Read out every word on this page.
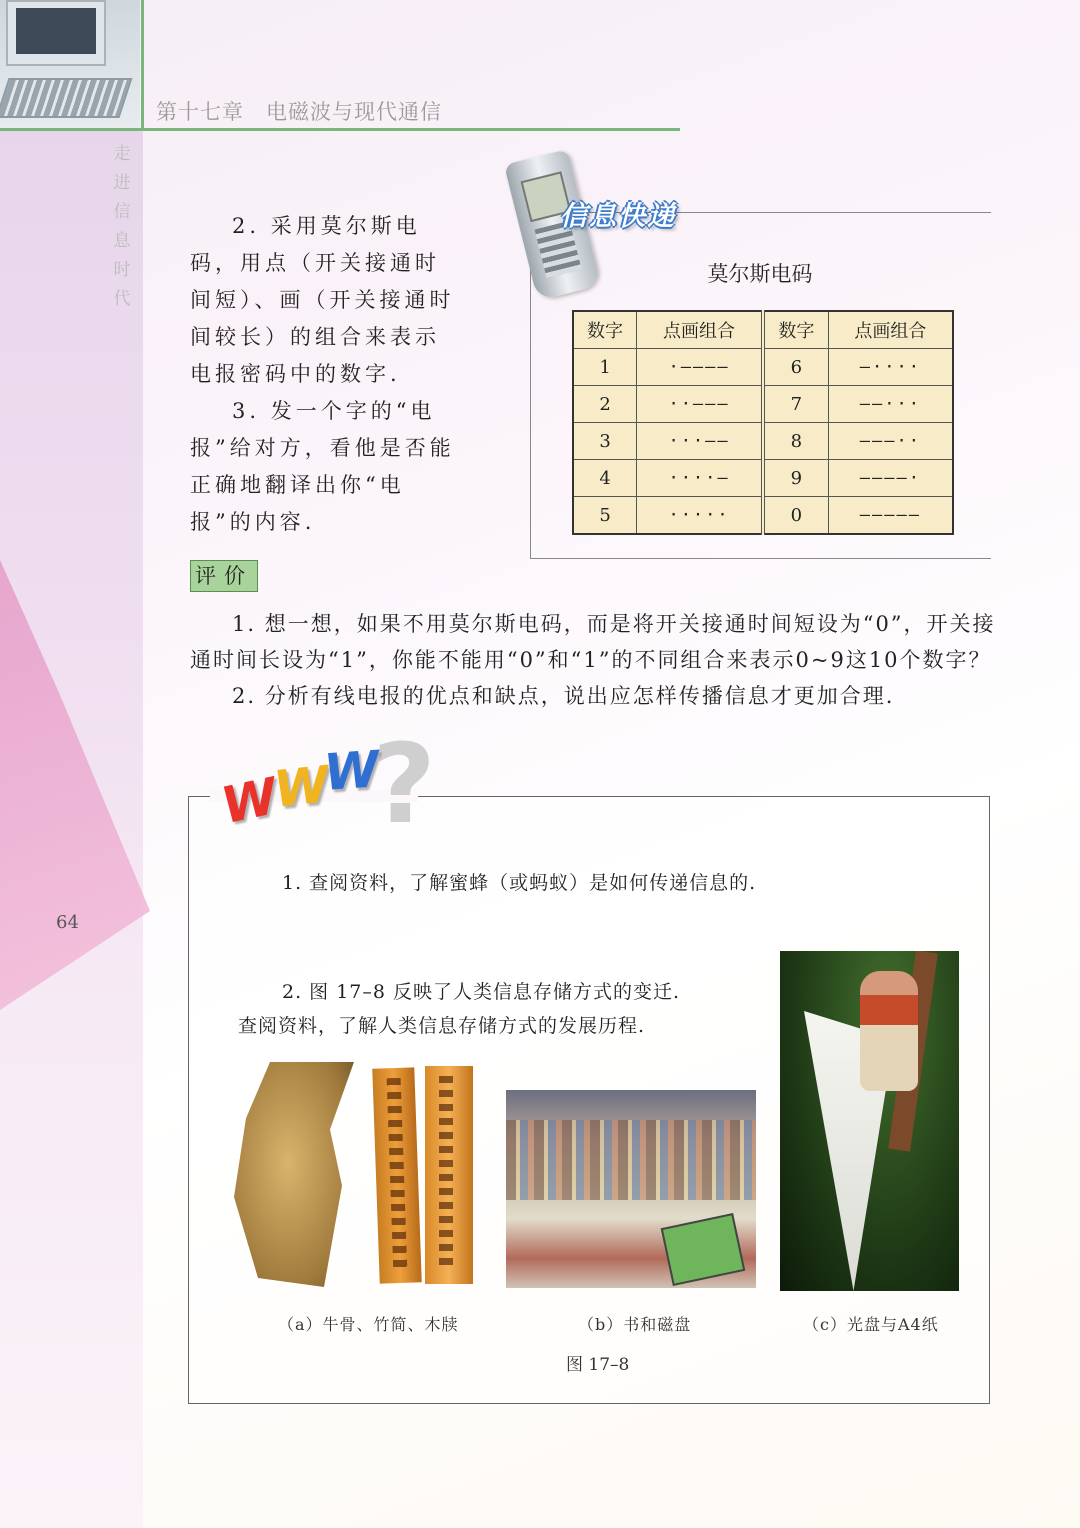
第十七章 电磁波与现代通信
走
进
信
息
时
代
64

2. 采用莫尔斯电码，用点（开关接通时间短）、画（开关接通时间较长）的组合来表示电报密码中的数字.

3. 发一个字的“电报”给对方，看他是否能正确地翻译出你“电报”的内容.

信息快递
莫尔斯电码
数字	点画组合	数字	点画组合
1	·––––	6	–····
2	··–––	7	––···
3	···––	8	–––··
4	····–	9	––––·
5	·····	0	–––––
评价

1. 想一想，如果不用莫尔斯电码，而是将开关接通时间短设为“0”，开关接通时间长设为“1”，你能不能用“0”和“1”的不同组合来表示0~9这10个数字？

2. 分析有线电报的优点和缺点，说出应怎样传播信息才更加合理.

?
W
W
W
1. 查阅资料，了解蜜蜂（或蚂蚁）是如何传递信息的.

2. 图 17–8 反映了人类信息存储方式的变迁.

查阅资料，了解人类信息存储方式的发展历程.

（a）牛骨、竹简、木牍	（b）书和磁盘	（c）光盘与A4纸
图 17–8
